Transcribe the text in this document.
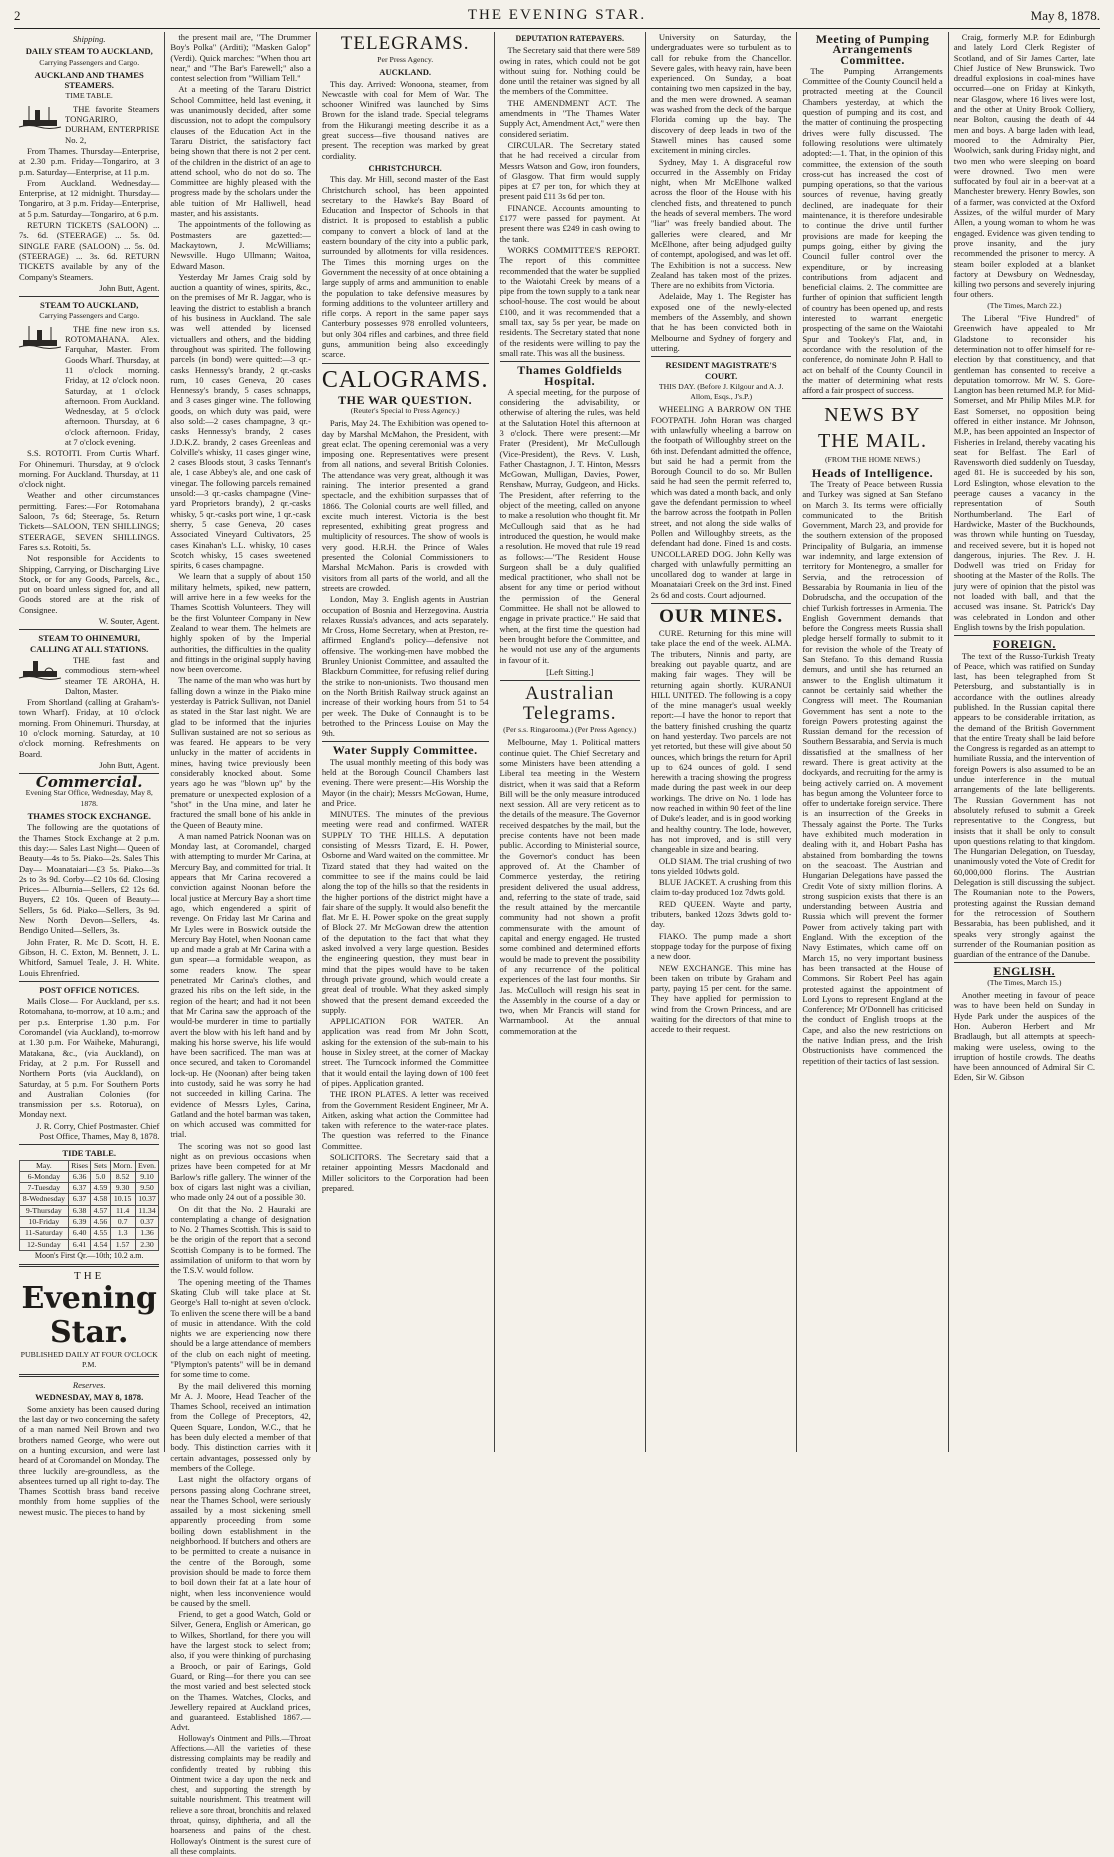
2	THE EVENING STAR.	May 8, 1878.
Shipping.
DAILY STEAM TO AUCKLAND,
Carrying Passengers and Cargo.
AUCKLAND AND THAMES STEAMERS.
TIME TABLE.

THE favorite Steamers TONGARIRO, DURHAM, ENTERPRISE No. 2,

From Thames. Thursday—Enterprise, at 2.30 p.m. Friday—Tongariro, at 3 p.m. Saturday—Enterprise, at 11 p.m.

From Auckland. Wednesday—Enterprise, at 12 midnight. Thursday—Tongariro, at 3 p.m. Friday—Enterprise, at 5 p.m. Saturday—Tongariro, at 6 p.m.

RETURN TICKETS (SALOON) ... 7s. 6d. (STEERAGE) ... 5s. 0d. SINGLE FARE (SALOON) ... 5s. 0d. (STEERAGE) ... 3s. 6d. RETURN TICKETS available by any of the Company's Steamers.

John Butt, Agent.

STEAM TO AUCKLAND,
Carrying Passengers and Cargo.

THE fine new iron s.s. ROTOMAHANA. Alex. Farquhar, Master. From Goods Wharf. Thursday, at 11 o'clock morning. Friday, at 12 o'clock noon. Saturday, at 1 o'clock afternoon. From Auckland. Wednesday, at 5 o'clock afternoon. Thursday, at 6 o'clock afternoon. Friday, at 7 o'clock evening.

S.S. ROTOITI. From Curtis Wharf. For Ohinemuri. Thursday, at 9 o'clock morning. For Auckland. Thursday, at 11 o'clock night.

Weather and other circumstances permitting. Fares:—For Rotomahana Saloon, 7s 6d; Steerage, 5s. Return Tickets—SALOON, TEN SHILLINGS; STEERAGE, SEVEN SHILLINGS. Fares s.s. Rotoiti, 5s.

Not responsible for Accidents to Shipping, Carrying, or Discharging Live Stock, or for any Goods, Parcels, &c., put on board unless signed for, and all Goods stored are at the risk of Consignee.

W. Souter, Agent.

STEAM TO OHINEMURI, CALLING AT ALL STATIONS.

THE fast and commodious stern-wheel steamer TE AROHA, H. Dalton, Master.

From Shortland (calling at Graham's-town Wharf). Friday, at 10 o'clock morning. From Ohinemuri. Thursday, at 10 o'clock morning. Saturday, at 10 o'clock morning. Refreshments on Board.

John Butt, Agent.

Commercial.
Evening Star Office, Wednesday, May 8, 1878.
THAMES STOCK EXCHANGE.

The following are the quotations of the Thames Stock Exchange at 2 p.m. this day:— Sales Last Night— Queen of Beauty—4s to 5s. Piako—2s. Sales This Day— Moanataiari—£3 5s. Piako—3s 2s to 3s 9d. Corby—£2 10s 6d. Closing Prices— Alburnia—Sellers, £2 12s 6d. Buyers, £2 10s. Queen of Beauty—Sellers, 5s 6d. Piako—Sellers, 3s 9d. New North Devon—Sellers, 4s. Bendigo United—Sellers, 3s.

John Frater, R. Mc D. Scott, H. E. Gibson, H. C. Exton, M. Bennett, J. L. Whitford, Samuel Teale, J. H. White. Louis Ehrenfried.

POST OFFICE NOTICES.

Mails Close— For Auckland, per s.s. Rotomahana, to-morrow, at 10 a.m.; and per p.s. Enterprise 1.30 p.m. For Coromandel (via Auckland), to-morrow at 1.30 p.m. For Waiheke, Mahurangi, Matakana, &c., (via Auckland), on Friday, at 2 p.m. For Russell and Northern Ports (via Auckland), on Saturday, at 5 p.m. For Southern Ports and Australian Colonies (for transmission per s.s. Rotorua), on Monday next.

J. R. Corry, Chief Postmaster. Chief Post Office, Thames, May 8, 1878.

TIDE TABLE.
May.	Rises	Sets	Morn.	Even.
6-Monday	6.36	5.0	8.52	9.10
7-Tuesday	6.37	4.59	9.30	9.50
8-Wednesday	6.37	4.58	10.15	10.37
9-Thursday	6.38	4.57	11.4	11.34
10-Friday	6.39	4.56	0.7	0.37
11-Saturday	6.40	4.55	1.3	1.36
12-Sunday	6.41	4.54	1.57	2.30

Moon's First Qr.—10th; 10.2 a.m.

THE
Evening Star.
PUBLISHED DAILY AT FOUR O'CLOCK P.M.
Reserves.
WEDNESDAY, MAY 8, 1878.

Some anxiety has been caused during the last day or two concerning the safety of a man named Neil Brown and two brothers named George, who were out on a hunting excursion, and were last heard of at Coromandel on Monday. The three luckily are-groundless, as the absentees turned up all right to-day. The Thames Scottish brass band receive monthly from home supplies of the newest music. The pieces to hand by

the present mail are, "The Drummer Boy's Polka" (Arditi); "Masken Galop" (Verdi). Quick marches: "When thou art near," and "The Bar's Farewell;" also a contest selection from "William Tell."

At a meeting of the Tararu District School Committee, held last evening, it was unanimously decided, after some discussion, not to adopt the compulsory clauses of the Education Act in the Tararu District, the satisfactory fact being shown that there is not 2 per cent. of the children in the district of an age to attend school, who do not do so. The Committee are highly pleased with the progress made by the scholars under the able tuition of Mr Halliwell, head master, and his assistants.

The appointments of the following as Postmasters are gazetted:—Mackaytown, J. McWilliams; Newsville. Hugo Ullmann; Waitoa, Edward Mason.

Yesterday Mr James Craig sold by auction a quantity of wines, spirits, &c., on the premises of Mr R. Jaggar, who is leaving the district to establish a branch of his business in Auckland. The sale was well attended by licensed victuallers and others, and the bidding throughout was spirited. The following parcels (in bond) were quitted:—3 qr.-casks Hennessy's brandy, 2 qr.-casks rum, 10 cases Geneva, 20 cases Hennessy's brandy, 5 cases schnapps, and 3 cases ginger wine. The following goods, on which duty was paid, were also sold:—2 cases champagne, 3 qr.-casks Hennessy's brandy, 2 cases J.D.K.Z. brandy, 2 cases Greenleas and Colville's whisky, 11 cases ginger wine, 2 cases Bloods stout, 3 casks Tennant's ale, 1 case Abbey's ale, and one cask of vinegar. The following parcels remained unsold:—3 qr.-casks champagne (Vine-yard Proprietors brandy), 2 qr.-casks whisky, 5 qr.-casks port wine, 1 qr.-cask sherry, 5 case Geneva, 20 cases Associated Vineyard Cultivators, 25 cases Kinahan's L.L. whisky, 10 cases Scotch whisky, 15 cases sweetened spirits, 6 cases champagne.

We learn that a supply of about 150 military helmets, spiked, new pattern, will arrive here in a few weeks for the Thames Scottish Volunteers. They will be the first Volunteer Company in New Zealand to wear them. The helmets are highly spoken of by the Imperial authorities, the difficulties in the quality and fittings in the original supply having now been overcome.

The name of the man who was hurt by falling down a winze in the Piako mine yesterday is Patrick Sullivan, not Daniel as stated in the Star last night. We are glad to be informed that the injuries Sullivan sustained are not so serious as was feared. He appears to be very unlucky in the matter of accidents in mines, having twice previously been considerably knocked about. Some years ago he was "blown up" by the premature or unexpected explosion of a "shot" in the Una mine, and later he fractured the small bone of his ankle in the Queen of Beauty mine.

A man named Patrick Noonan was on Monday last, at Coromandel, charged with attempting to murder Mr Carina, at Mercury Bay, and committed for trial. It appears that Mr Carina recovered a conviction against Noonan before the local justice at Mercury Bay a short time ago, which engendered a spirit of revenge. On Friday last Mr Carina and Mr Lyles were in Boswick outside the Mercury Bay Hotel, when Noonan came up and made a grab at Mr Carina with a gun spear—a formidable weapon, as some readers know. The spear penetrated Mr Carina's clothes, and grazed his ribs on the left side, in the region of the heart; and had it not been that Mr Carina saw the approach of the would-be murderer in time to partially avert the blow with his left hand and by making his horse swerve, his life would have been sacrificed. The man was at once secured, and taken to Coromandel lock-up. He (Noonan) after being taken into custody, said he was sorry he had not succeeded in killing Carina. The evidence of Messrs Lyles, Carina, Gatland and the hotel barman was taken, on which accused was committed for trial.

The scoring was not so good last night as on previous occasions when prizes have been competed for at Mr Barlow's rifle gallery. The winner of the box of cigars last night was a civilian, who made only 24 out of a possible 30.

On dit that the No. 2 Hauraki are contemplating a change of designation to No. 2 Thames Scottish. This is said to be the origin of the report that a second Scottish Company is to be formed. The assimilation of uniform to that worn by the T.S.V. would follow.

The opening meeting of the Thames Skating Club will take place at St. George's Hall to-night at seven o'clock. To enliven the scene there will be a band of music in attendance. With the cold nights we are experiencing now there should be a large attendance of members of the club on each night of meeting. "Plympton's patents" will be in demand for some time to come.

By the mail delivered this morning Mr A. J. Moore, Head Teacher of the Thames School, received an intimation from the College of Preceptors, 42, Queen Square, London, W.C., that he has been duly elected a member of that body. This distinction carries with it certain advantages, possessed only by members of the College.

Last night the olfactory organs of persons passing along Cochrane street, near the Thames School, were seriously assailed by a most sickening smell apparently proceeding from some boiling down establishment in the neighborhood. If butchers and others are to be permitted to create a nuisance in the centre of the Borough, some provision should be made to force them to boil down their fat at a late hour of night, when less inconvenience would be caused by the smell.

Friend, to get a good Watch, Gold or Silver, Genera, English or American, go to Wilkes, Shortland, for there you will have the largest stock to select from; also, if you were thinking of purchasing a Brooch, or pair of Earings, Gold Guard, or Ring—for there you can see the most varied and best selected stock on the Thames. Watches, Clocks, and Jewellery repaired at Auckland prices, and guaranteed. Established 1867.—Advt.

Holloway's Ointment and Pills.—Throat Affections.—All the varieties of these distressing complaints may be readily and confidently treated by rubbing this Ointment twice a day upon the neck and chest, and supporting the strength by suitable nourishment. This treatment will relieve a sore throat, bronchitis and relaxed throat, quinsy, diphtheria, and all the hoarseness and pains of the chest. Holloway's Ointment is the surest cure of all these complaints.

TELEGRAMS.
Per Press Agency.
AUCKLAND.

This day. Arrived: Wonoona, steamer, from Newcastle with coal for Mem of War. The schooner Winifred was launched by Sims Brown for the island trade. Special telegrams from the Hikurangi meeting describe it as a great success—five thousand natives are present. The reception was marked by great cordiality.

CHRISTCHURCH.

This day. Mr Hill, second master of the East Christchurch school, has been appointed secretary to the Hawke's Bay Board of Education and Inspector of Schools in that district. It is proposed to establish a public company to convert a block of land at the eastern boundary of the city into a public park, surrounded by allotments for villa residences. The Times this morning urges on the Government the necessity of at once obtaining a large supply of arms and ammunition to enable the population to take defensive measures by forming additions to the volunteer artillery and rifle corps. A report in the same paper says Canterbury possesses 978 enrolled volunteers, but only 304 rifles and carbines, and three field guns, ammunition being also exceedingly scarce.

CALOGRAMS.
THE WAR QUESTION.
(Reuter's Special to Press Agency.)

Paris, May 24. The Exhibition was opened to-day by Marshal McMahon, the President, with great eclat. The opening ceremonial was a very imposing one. Representatives were present from all nations, and several British Colonies. The attendance was very great, although it was raining. The interior presented a grand spectacle, and the exhibition surpasses that of 1866. The Colonial courts are well filled, and excite much interest. Victoria is the best represented, exhibiting great progress and multiplicity of resources. The show of wools is very good. H.R.H. the Prince of Wales presented the Colonial Commissioners to Marshal McMahon. Paris is crowded with visitors from all parts of the world, and all the streets are crowded.

London, May 3. English agents in Austrian occupation of Bosnia and Herzegovina. Austria relaxes Russia's advances, and acts separately. Mr Cross, Home Secretary, when at Preston, re-affirmed England's policy—defensive not offensive. The working-men have mobbed the Brunley Unionist Committee, and assaulted the Blackburn Committee, for refusing relief during the strike to non-unionists. Two thousand men on the North British Railway struck against an increase of their working hours from 51 to 54 per week. The Duke of Connaught is to be betrothed to the Princess Louise on May the 9th.

Water Supply Committee.

The usual monthly meeting of this body was held at the Borough Council Chambers last evening. There were present:—His Worship the Mayor (in the chair); Messrs McGowan, Hume, and Price.

MINUTES. The minutes of the previous meeting were read and confirmed. WATER SUPPLY TO THE HILLS. A deputation consisting of Messrs Tizard, E. H. Power, Osborne and Ward waited on the committee. Mr Tizard stated that they had waited on the committee to see if the mains could be laid along the top of the hills so that the residents in the higher portions of the district might have a fair share of the supply. It would also benefit the flat. Mr E. H. Power spoke on the great supply of Block 27. Mr McGowan drew the attention of the deputation to the fact that what they asked involved a very large question. Besides the engineering question, they must bear in mind that the pipes would have to be taken through private ground, which would create a great deal of trouble. What they asked simply showed that the present demand exceeded the supply.

APPLICATION FOR WATER. An application was read from Mr John Scott, asking for the extension of the sub-main to his house in Sixley street, at the corner of Mackay street. The Turncock informed the Committee that it would entail the laying down of 100 feet of pipes. Application granted.

THE IRON PLATES. A letter was received from the Government Resident Engineer, Mr A. Aitken, asking what action the Committee had taken with reference to the water-race plates. The question was referred to the Finance Committee.

SOLICITORS. The Secretary said that a retainer appointing Messrs Macdonald and Miller solicitors to the Corporation had been prepared.

DEPUTATION RATEPAYERS.

The Secretary said that there were 589 owing in rates, which could not be got without suing for. Nothing could be done until the retainer was signed by all the members of the Committee.

THE AMENDMENT ACT. The amendments in "The Thames Water Supply Act, Amendment Act," were then considered seriatim.

CIRCULAR. The Secretary stated that he had received a circular from Messrs Watson and Gow, iron founders, of Glasgow. That firm would supply pipes at £7 per ton, for which they at present paid £11 3s 6d per ton.

FINANCE. Accounts amounting to £177 were passed for payment. At present there was £249 in cash owing to the tank.

WORKS COMMITTEE'S REPORT. The report of this committee recommended that the water be supplied to the Waiotahi Creek by means of a pipe from the town supply to a tank near school-house. The cost would be about £100, and it was recommended that a small tax, say 5s per year, be made on residents. The Secretary stated that none of the residents were willing to pay the small rate. This was all the business.

Thames Goldfields Hospital.

A special meeting, for the purpose of considering the advisability, or otherwise of altering the rules, was held at the Salutation Hotel this afternoon at 3 o'clock. There were present:—Mr Frater (President), Mr McCullough (Vice-President), the Revs. V. Lush, Father Chastagnon, J. T. Hinton, Messrs McGowan, Mulligan, Davies, Power, Renshaw, Murray, Gudgeon, and Hicks. The President, after referring to the object of the meeting, called on anyone to make a resolution who thought fit. Mr McCullough said that as he had introduced the question, he would make a resolution. He moved that rule 19 read as follows:—"The Resident House Surgeon shall be a duly qualified medical practitioner, who shall not be absent for any time or period without the permission of the General Committee. He shall not be allowed to engage in private practice." He said that when, at the first time the question had been brought before the Committee, and he would not use any of the arguments in favour of it.

[Left Sitting.]
Australian Telegrams.
(Per s.s. Ringarooma.) (Per Press Agency.)

Melbourne, May 1. Political matters continue quiet. The Chief Secretary and some Ministers have been attending a Liberal tea meeting in the Western district, when it was said that a Reform Bill will be the only measure introduced next session. All are very reticent as to the details of the measure. The Governor received despatches by the mail, but the precise contents have not been made public. According to Ministerial source, the Governor's conduct has been approved of. At the Chamber of Commerce yesterday, the retiring president delivered the usual address, and, referring to the state of trade, said the result attained by the mercantile community had not shown a profit commensurate with the amount of capital and energy engaged. He trusted some combined and determined efforts would be made to prevent the possibility of any recurrence of the political experiences of the last four months. Sir Jas. McCulloch will resign his seat in the Assembly in the course of a day or two, when Mr Francis will stand for Warrnambool. At the annual commemoration at the

University on Saturday, the undergraduates were so turbulent as to call for rebuke from the Chancellor. Severe gales, with heavy rain, have been experienced. On Sunday, a boat containing two men capsized in the bay, and the men were drowned. A seaman was washed from the deck of the barque Florida coming up the bay. The discovery of deep leads in two of the Stawell mines has caused some excitement in mining circles.

Sydney, May 1. A disgraceful row occurred in the Assembly on Friday night, when Mr McElhone walked across the floor of the House with his clenched fists, and threatened to punch the heads of several members. The word "liar" was freely bandied about. The galleries were cleared, and Mr McElhone, after being adjudged guilty of contempt, apologised, and was let off. The Exhibition is not a success. New Zealand has taken most of the prizes. There are no exhibits from Victoria.

Adelaide, May 1. The Register has exposed one of the newly-elected members of the Assembly, and shown that he has been convicted both in Melbourne and Sydney of forgery and uttering.

RESIDENT MAGISTRATE'S COURT.
THIS DAY. (Before J. Kilgour and A. J. Allom, Esqs., J's.P.)

WHEELING A BARROW ON THE FOOTPATH. John Horan was charged with unlawfully wheeling a barrow on the footpath of Willoughby street on the 6th inst. Defendant admitted the offence, but said he had a permit from the Borough Council to do so. Mr Bullen said he had seen the permit referred to, which was dated a month back, and only gave the defendant permission to wheel the barrow across the footpath in Pollen street, and not along the side walks of Pollen and Willoughby streets, as the defendant had done. Fined 1s and costs. UNCOLLARED DOG. John Kelly was charged with unlawfully permitting an uncollared dog to wander at large in Moanataiari Creek on the 3rd inst. Fined 2s 6d and costs. Court adjourned.

OUR MINES.

CURE. Returning for this mine will take place the end of the week. ALMA. The tributers, Ninnis and party, are breaking out payable quartz, and are making fair wages. They will be returning again shortly. KURANUI HILL UNITED. The following is a copy of the mine manager's usual weekly report:—I have the honor to report that the battery finished crushing the quartz on hand yesterday. Two parcels are not yet retorted, but these will give about 50 ounces, which brings the return for April up to 624 ounces of gold. I send herewith a tracing showing the progress made during the past week in our deep workings. The drive on No. 1 lode has now reached in within 90 feet of the line of Duke's leader, and is in good working and healthy country. The lode, however, has not improved, and is still very changeable in size and bearing.

OLD SIAM. The trial crushing of two tons yielded 10dwts gold.

BLUE JACKET. A crushing from this claim to-day produced 1oz 7dwts gold.

RED QUEEN. Wayte and party, tributers, banked 12ozs 3dwts gold to-day.

FIAKO. The pump made a short stoppage today for the purpose of fixing a new door.

NEW EXCHANGE. This mine has been taken on tribute by Graham and party, paying 15 per cent. for the same. They have applied for permission to wind from the Crown Princess, and are waiting for the directors of that mine to accede to their request.

Meeting of Pumping Arrangements Committee.

The Pumping Arrangements Committee of the County Council held a protracted meeting at the Council Chambers yesterday, at which the question of pumping and its cost, and the matter of continuing the prospecting drives were fully discussed. The following resolutions were ultimately adopted:—1. That, in the opinion of this committee, the extension of the south cross-cut has increased the cost of pumping operations, so that the various sources of revenue, having greatly declined, are inadequate for their maintenance, it is therefore undesirable to continue the drive until further provisions are made for keeping the pumps going, either by giving the Council fuller control over the expenditure, or by increasing contributions from adjacent and beneficial claims. 2. The committee are further of opinion that sufficient length of country has been opened up, and rests interested to warrant energetic prospecting of the same on the Waiotahi Spur and Tookey's Flat, and, in accordance with the resolution of the conference, do nominate John P. Hall to act on behalf of the County Council in the matter of determining what rests afford a fair prospect of success.

NEWS BY THE MAIL.
(FROM THE HOME NEWS.)
Heads of Intelligence.

The Treaty of Peace between Russia and Turkey was signed at San Stefano on March 3. Its terms were officially communicated to the British Government, March 23, and provide for the southern extension of the proposed Principality of Bulgaria, an immense war indemnity, and large extension of territory for Montenegro, a smaller for Servia, and the retrocession of Bessarabia by Roumania in lieu of the Dobrudscha, and the occupation of the chief Turkish fortresses in Armenia. The English Government demands that before the Congress meets Russia shall pledge herself formally to submit to it for revision the whole of the Treaty of San Stefano. To this demand Russia demurs, and until she has returned an answer to the English ultimatum it cannot be certainly said whether the Congress will meet. The Roumanian Government has sent a note to the foreign Powers protesting against the Russian demand for the recession of Southern Bessarabia, and Servia is much dissatisfied at the smallness of her reward. There is great activity at the dockyards, and recruiting for the army is being actively carried on. A movement has begun among the Volunteer force to offer to undertake foreign service. There is an insurrection of the Greeks in Thessaly against the Porte. The Turks have exhibited much moderation in dealing with it, and Hobart Pasha has abstained from bombarding the towns on the seacoast. The Austrian and Hungarian Delegations have passed the Credit Vote of sixty million florins. A strong suspicion exists that there is an understanding between Austria and Russia which will prevent the former Power from actively taking part with England. With the exception of the Navy Estimates, which came off on March 15, no very important business has been transacted at the House of Commons. Sir Robert Peel has again protested against the appointment of Lord Lyons to represent England at the Conference; Mr O'Donnell has criticised the conduct of English troops at the Cape, and also the new restrictions on the native Indian press, and the Irish Obstructionists have commenced the repetition of their tactics of last session.

Craig, formerly M.P. for Edinburgh and lately Lord Clerk Register of Scotland, and of Sir James Carter, late Chief Justice of New Brunswick. Two dreadful explosions in coal-mines have occurred—one on Friday at Kinkyth, near Glasgow, where 16 lives were lost, and the other at Unity Brook Colliery, near Bolton, causing the death of 44 men and boys. A barge laden with lead, moored to the Admiralty Pier, Woolwich, sank during Friday night, and two men who were sleeping on board were drowned. Two men were suffocated by foul air in a beer-vat at a Manchester brewery. Henry Bowles, son of a farmer, was convicted at the Oxford Assizes, of the wilful murder of Mary Allen, a young woman to whom he was engaged. Evidence was given tending to prove insanity, and the jury recommended the prisoner to mercy. A steam boiler exploded at a blanket factory at Dewsbury on Wednesday, killing two persons and severely injuring four others.

(The Times, March 22.)

The Liberal "Five Hundred" of Greenwich have appealed to Mr Gladstone to reconsider his determination not to offer himself for re-election by that constituency, and that gentleman has consented to receive a deputation tomorrow. Mr W. S. Gore-Langton has been returned M.P. for Mid-Somerset, and Mr Philip Miles M.P. for East Somerset, no opposition being offered in either instance. Mr Johnson, M.P., has been appointed an Inspector of Fisheries in Ireland, thereby vacating his seat for Belfast. The Earl of Ravensworth died suddenly on Tuesday, aged 81. He is succeeded by his son, Lord Eslington, whose elevation to the peerage causes a vacancy in the representation of South Northumberland. The Earl of Hardwicke, Master of the Buckhounds, was thrown while hunting on Tuesday, and received severe, but it is hoped not dangerous, injuries. The Rev. J. H. Dodwell was tried on Friday for shooting at the Master of the Rolls. The jury were of opinion that the pistol was not loaded with ball, and that the accused was insane. St. Patrick's Day was celebrated in London and other English towns by the Irish population.

FOREIGN.

The text of the Russo-Turkish Treaty of Peace, which was ratified on Sunday last, has been telegraphed from St Petersburg, and substantially is in accordance with the outlines already published. In the Russian capital there appears to be considerable irritation, as the demand of the British Government that the entire Treaty shall be laid before the Congress is regarded as an attempt to humiliate Russia, and the intervention of foreign Powers is also assumed to be an undue interference in the mutual arrangements of the late belligerents. The Russian Government has not absolutely refused to submit a Greek representative to the Congress, but insists that it shall be only to consult upon questions relating to that kingdom. The Hungarian Delegation, on Tuesday, unanimously voted the Vote of Credit for 60,000,000 florins. The Austrian Delegation is still discussing the subject. The Roumanian note to the Powers, protesting against the Russian demand for the retrocession of Southern Bessarabia, has been published, and it speaks very strongly against the surrender of the Roumanian position as guardian of the entrance of the Danube.

ENGLISH.
(The Times, March 15.)

Another meeting in favour of peace was to have been held on Sunday in Hyde Park under the auspices of the Hon. Auberon Herbert and Mr Bradlaugh, but all attempts at speech-making were useless, owing to the irruption of hostile crowds. The deaths have been announced of Admiral Sir C. Eden, Sir W. Gibson
